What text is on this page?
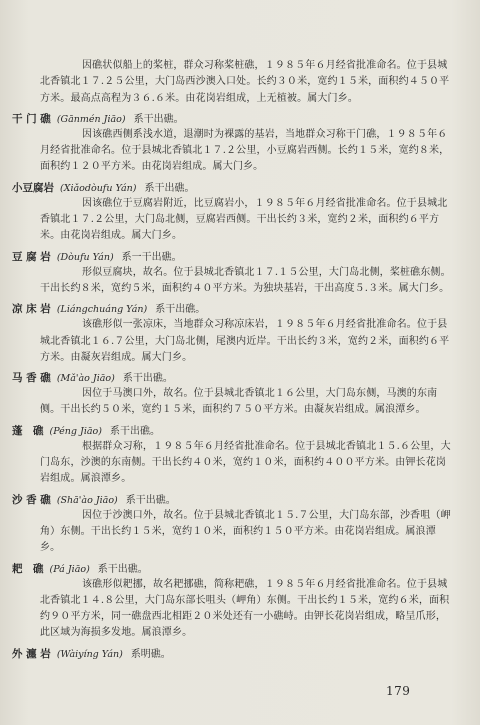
因礁状似船上的桨桩，群众习称桨桩礁，１９８５年６月经省批准命名。位于县城北香镇北１７.２５公里，大门岛西沙澳入口处。长约３０米，宽约１５米，面积约４５０平方米。最高点高程为３６.６米。由花岗岩组成，上无植被。属大门乡。

干 门 礁 (Gānmén Jiāo) 系干出礁。

因该礁西侧系浅水道，退潮时为裸露的基岩，当地群众习称干门礁，１９８５年６月经省批准命名。位于县城北香镇北１７.２公里，小豆腐岩西侧。长约１５米，宽约８米，面积约１２０平方米。由花岗岩组成。属大门乡。

小豆腐岩 (Xiǎodòufu Yán) 系干出礁。

因该礁位于豆腐岩附近，比豆腐岩小，１９８５年６月经省批准命名。位于县城北香镇北１７.２公里，大门岛北侧，豆腐岩西侧。干出长约３米，宽约２米，面积约６平方米。由花岗岩组成。属大门乡。

豆 腐 岩 (Dòufu Yán) 系一干出礁。

形似豆腐块，故名。位于县城北香镇北１７.１５公里，大门岛北侧，桨桩礁东侧。干出长约８米，宽约５米，面积约４０平方米。为独块基岩，干出高度５.３米。属大门乡。

凉 床 岩 (Liángchuáng Yán) 系干出礁。

该礁形似一张凉床，当地群众习称凉床岩，１９８５年６月经省批准命名。位于县城北香镇北１６.７公里，大门岛北侧，尾澳内近岸。干出长约３米，宽约２米，面积约６平方米。由凝灰岩组成。属大门乡。

马 香 礁 (Mǎ'ào Jiāo) 系干出礁。

因位于马澳口外，故名。位于县城北香镇北１６公里，大门岛东侧，马澳的东南侧。干出长约５０米，宽约１５米，面积约７５０平方米。由凝灰岩组成。属浪潭乡。

蓬　礁 (Péng Jiāo) 系干出礁。

根据群众习称，１９８５年６月经省批准命名。位于县城北香镇北１５.６公里，大门岛东，沙澳的东南侧。干出长约４０米，宽约１０米，面积约４００平方米。由钾长花岗岩组成。属浪潭乡。

沙 香 礁 (Shā'ào Jiāo) 系干出礁。

因位于沙澳口外，故名。位于县城北香镇北１５.７公里，大门岛东部，沙香咀（岬角）东侧。干出长约１５米，宽约１０米，面积约１５０平方米。由花岗岩组成。属浪潭乡。

耙　礁 (Pá Jiāo) 系干出礁。

该礁形似耙挪，故名耙挪礁，简称耙礁，１９８５年６月经省批准命名。位于县城北香镇北１４.８公里，大门岛东部长咀头（岬角）东侧。干出长约１５米，宽约６米，面积约９０平方米，同一礁盘西北相距２０米处还有一小礁峙。由钾长花岗岩组成，略呈爪形，此区域为海损多发地。属浪潭乡。

外 瀍 岩 (Wàiyíng Yán) 系明礁。
179
